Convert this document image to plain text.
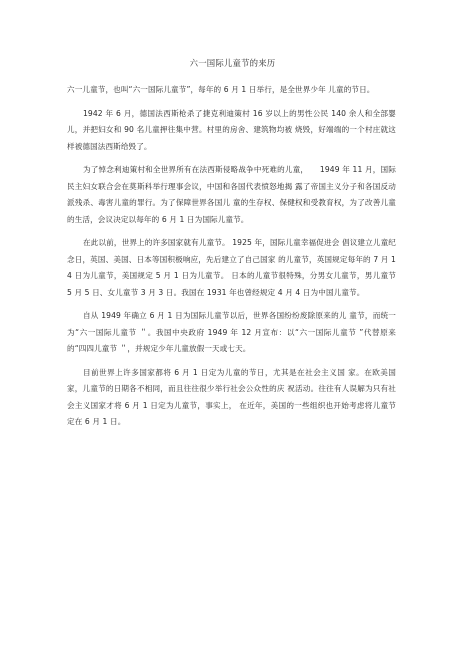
六一国际儿童节的来历

六一儿童节，也叫“六一国际儿童节”，每年的 6 月 1 日举行，是全世界少年 儿童的节日。

1942 年 6 月，德国法西斯枪杀了捷克利迪策村 16 岁以上的男性公民 140 余人和全部婴儿，并把妇女和 90 名儿童押往集中营。村里的房舍、建筑物均被 烧毁，好端端的一个村庄就这样被德国法西斯给毁了。

为了悼念利迪策村和全世界所有在法西斯侵略战争中死难的儿童，　　1949 年 11 月，国际民主妇女联合会在莫斯科举行理事会议，中国和各国代表愤怒地揭 露了帝国主义分子和各国反动派残杀、毒害儿童的罪行。为了保障世界各国儿 童的生存权、保健权和受教育权，为了改善儿童的生活，会议决定以每年的 6 月 1 日为国际儿童节。

在此以前，世界上的许多国家就有儿童节。 1925 年，国际儿童幸福促进会 倡议建立儿童纪念日，英国、美国、日本等国积极响应，先后建立了自己国家 的儿童节，英国规定每年的 7 月 14 日为儿童节，美国规定 5 月 1 日为儿童节。 日本的儿童节很特殊，分男女儿童节，男儿童节 5 月 5 日、女儿童节 3 月 3 日。我国在 1931 年也曾经规定 4 月 4 日为中国儿童节。

自从 1949 年确立 6 月 1 日为国际儿童节以后，世界各国纷纷废除原来的儿 童节，而统一为“六一国际儿童节 ＂。我国中央政府 1949 年 12 月宣布：以“六一国际儿童节 ”代替原来的“四四儿童节 ＂，并规定少年儿童放假一天或七天。

目前世界上许多国家都将 6 月 1 日定为儿童的节日，尤其是在社会主义国 家。在欧美国家，儿童节的日期各不相同，而且往往很少举行社会公众性的庆 祝活动。往往有人误解为只有社会主义国家才将 6 月 1 日定为儿童节，事实上， 在近年，美国的一些组织也开始考虑将儿童节定在 6 月 1 日。
